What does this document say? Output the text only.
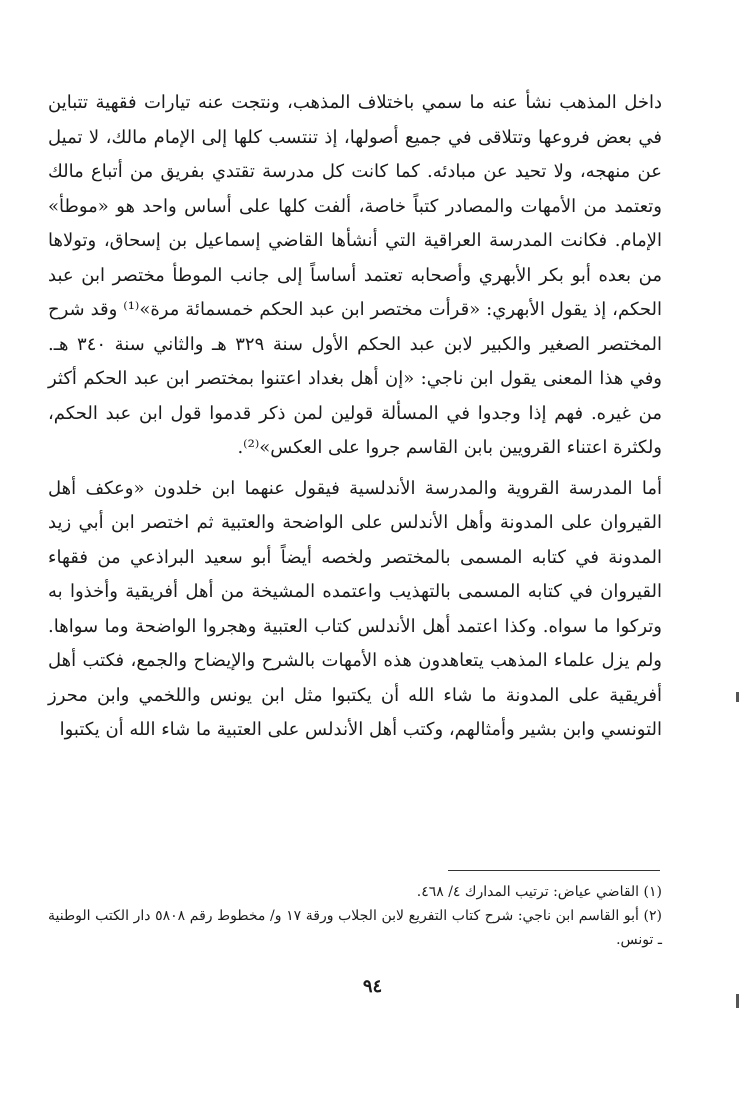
داخل المذهب نشأ عنه ما سمي باختلاف المذهب، ونتجت عنه تيارات فقهية تتباين في بعض فروعها وتتلاقى في جميع أصولها، إذ تنتسب كلها إلى الإمام مالك، لا تميل عن منهجه، ولا تحيد عن مبادئه. كما كانت كل مدرسة تقتدي بفريق من أتباع مالك وتعتمد من الأمهات والمصادر كتباً خاصة، ألفت كلها على أساس واحد هو «موطأ» الإمام. فكانت المدرسة العراقية التي أنشأها القاضي إسماعيل بن إسحاق، وتولاها من بعده أبو بكر الأبهري وأصحابه تعتمد أساساً إلى جانب الموطأ مختصر ابن عبد الحكم، إذ يقول الأبهري: «قرأت مختصر ابن عبد الحكم خمسمائة مرة»⁽¹⁾ وقد شرح المختصر الصغير والكبير لابن عبد الحكم الأول سنة ٣٢٩ هـ والثاني سنة ٣٤٠ هـ. وفي هذا المعنى يقول ابن ناجي: «إن أهل بغداد اعتنوا بمختصر ابن عبد الحكم أكثر من غيره. فهم إذا وجدوا في المسألة قولين لمن ذكر قدموا قول ابن عبد الحكم، ولكثرة اعتناء القرويين بابن القاسم جروا على العكس»⁽²⁾.

أما المدرسة القروية والمدرسة الأندلسية فيقول عنهما ابن خلدون «وعكف أهل القيروان على المدونة وأهل الأندلس على الواضحة والعتبية ثم اختصر ابن أبي زيد المدونة في كتابه المسمى بالمختصر ولخصه أيضاً أبو سعيد البراذعي من فقهاء القيروان في كتابه المسمى بالتهذيب واعتمده المشيخة من أهل أفريقية وأخذوا به وتركوا ما سواه. وكذا اعتمد أهل الأندلس كتاب العتبية وهجروا الواضحة وما سواها. ولم يزل علماء المذهب يتعاهدون هذه الأمهات بالشرح والإيضاح والجمع، فكتب أهل أفريقية على المدونة ما شاء الله أن يكتبوا مثل ابن يونس واللخمي وابن محرز التونسي وابن بشير وأمثالهم، وكتب أهل الأندلس على العتبية ما شاء الله أن يكتبوا

(١) القاضي عياض: ترتيب المدارك ٤/ ٤٦٨.

(٢) أبو القاسم ابن ناجي: شرح كتاب التفريع لابن الجلاب ورقة ١٧ و/ مخطوط رقم ٥٨٠٨ دار الكتب الوطنية ـ تونس.

٩٤
